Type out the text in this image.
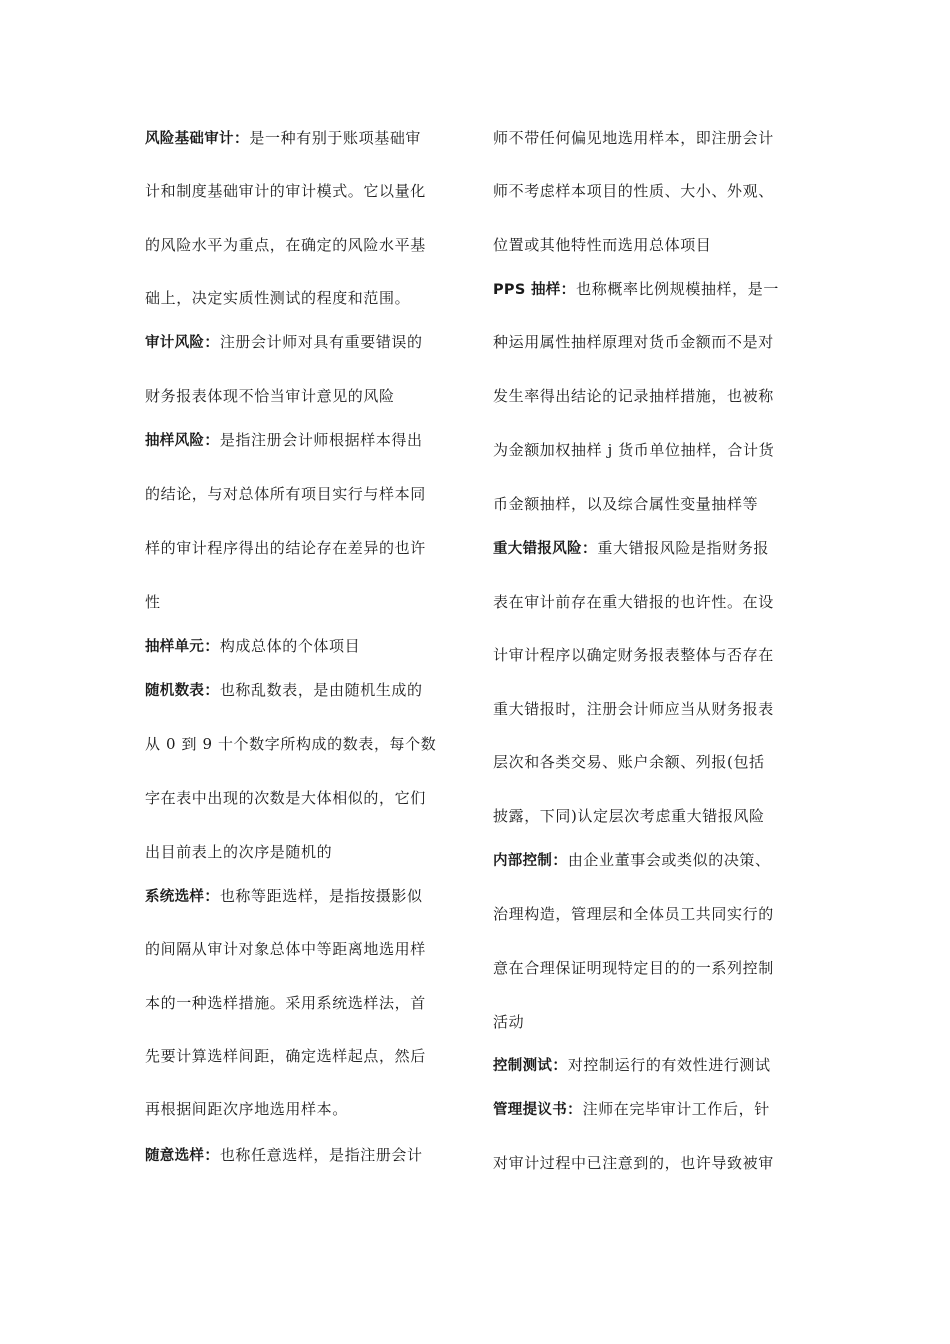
风险基础审计：是一种有别于账项基础审
计和制度基础审计的审计模式。它以量化
的风险水平为重点，在确定的风险水平基
础上，决定实质性测试的程度和范围。
审计风险：注册会计师对具有重要错误的
财务报表体现不恰当审计意见的风险
抽样风险：是指注册会计师根据样本得出
的结论，与对总体所有项目实行与样本同
样的审计程序得出的结论存在差异的也许
性
抽样单元：构成总体的个体项目
随机数表：也称乱数表，是由随机生成的
从 0 到 9 十个数字所构成的数表，每个数
字在表中出现的次数是大体相似的，它们
出目前表上的次序是随机的
系统选样：也称等距选样，是指按摄影似
的间隔从审计对象总体中等距离地选用样
本的一种选样措施。采用系统选样法，首
先要计算选样间距，确定选样起点，然后
再根据间距次序地选用样本。
随意选样：也称任意选样，是指注册会计
师不带任何偏见地选用样本，即注册会计
师不考虑样本项目的性质、大小、外观、
位置或其他特性而选用总体项目
PPS 抽样：也称概率比例规模抽样，是一
种运用属性抽样原理对货币金额而不是对
发生率得出结论的记录抽样措施，也被称
为金额加权抽样 j 货币单位抽样，合计货
币金额抽样，以及综合属性变量抽样等
重大错报风险：重大错报风险是指财务报
表在审计前存在重大错报的也许性。在设
计审计程序以确定财务报表整体与否存在
重大错报时，注册会计师应当从财务报表
层次和各类交易、账户余额、列报(包括
披露，下同)认定层次考虑重大错报风险
内部控制：由企业董事会或类似的决策、
治理构造，管理层和全体员工共同实行的
意在合理保证明现特定目的的一系列控制
活动
控制测试：对控制运行的有效性进行测试
管理提议书：注师在完毕审计工作后，针
对审计过程中已注意到的，也许导致被审
